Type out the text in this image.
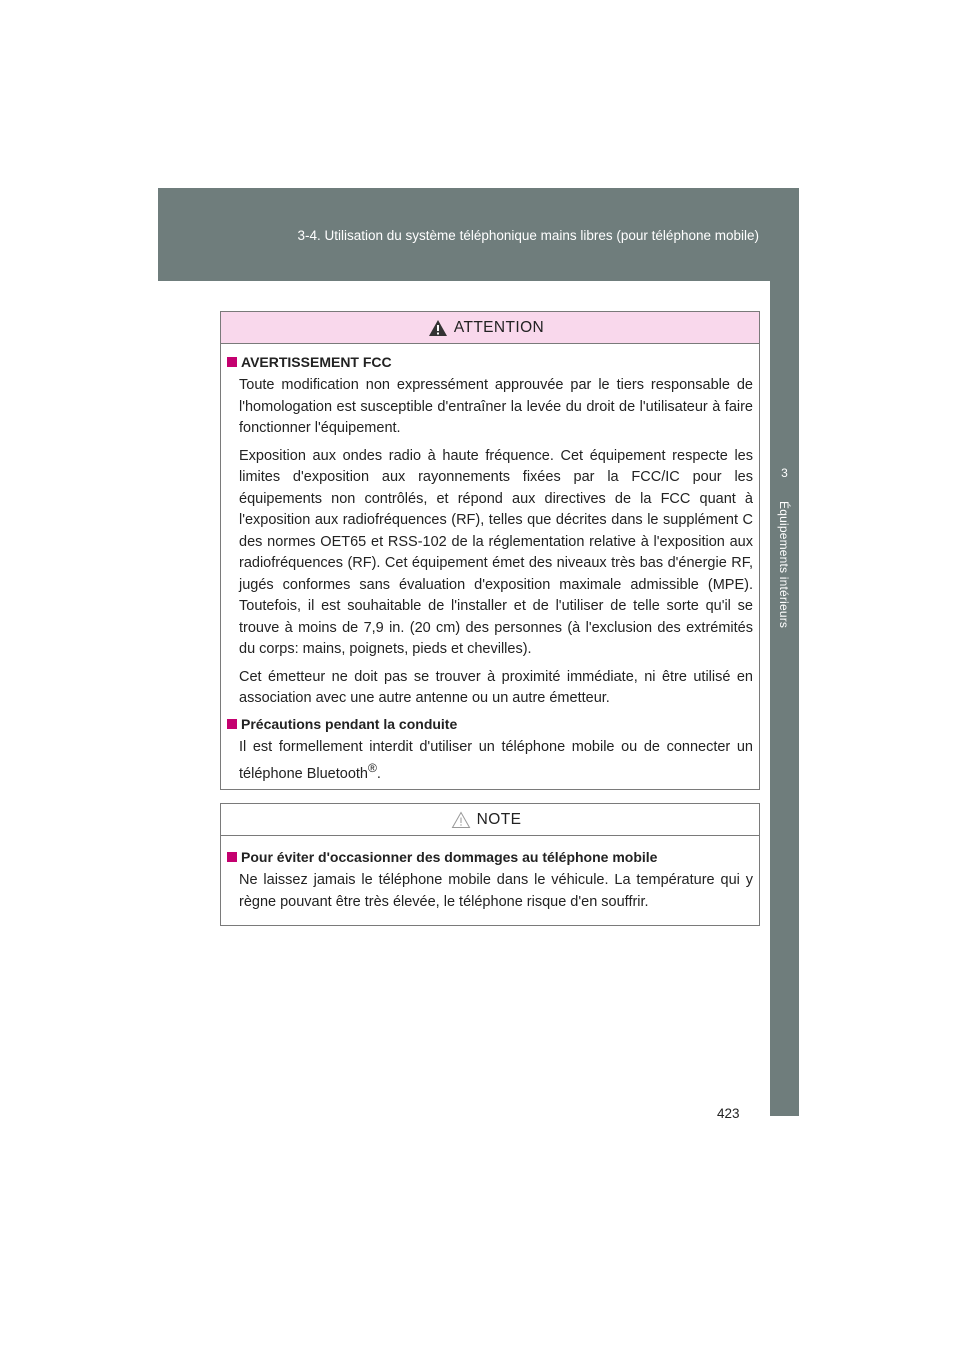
3-4. Utilisation du système téléphonique mains libres (pour téléphone mobile)
3
Équipements intérieurs
ATTENTION
AVERTISSEMENT FCC

Toute modification non expressément approuvée par le tiers responsable de l'homologation est susceptible d'entraîner la levée du droit de l'utilisateur à faire fonctionner l'équipement.

Exposition aux ondes radio à haute fréquence. Cet équipement respecte les limites d'exposition aux rayonnements fixées par la FCC/IC pour les équipements non contrôlés, et répond aux directives de la FCC quant à l'exposition aux radiofréquences (RF), telles que décrites dans le supplément C des normes OET65 et RSS-102 de la réglementation relative à l'exposition aux radiofréquences (RF). Cet équipement émet des niveaux très bas d'énergie RF, jugés conformes sans évaluation d'exposition maximale admissible (MPE). Toutefois, il est souhaitable de l'installer et de l'utiliser de telle sorte qu'il se trouve à moins de 7,9 in. (20 cm) des personnes (à l'exclusion des extrémités du corps: mains, poignets, pieds et chevilles).

Cet émetteur ne doit pas se trouver à proximité immédiate, ni être utilisé en association avec une autre antenne ou un autre émetteur.

Précautions pendant la conduite

Il est formellement interdit d'utiliser un téléphone mobile ou de connecter un téléphone Bluetooth®.

NOTE
Pour éviter d'occasionner des dommages au téléphone mobile

Ne laissez jamais le téléphone mobile dans le véhicule. La température qui y règne pouvant être très élevée, le téléphone risque d'en souffrir.

423
